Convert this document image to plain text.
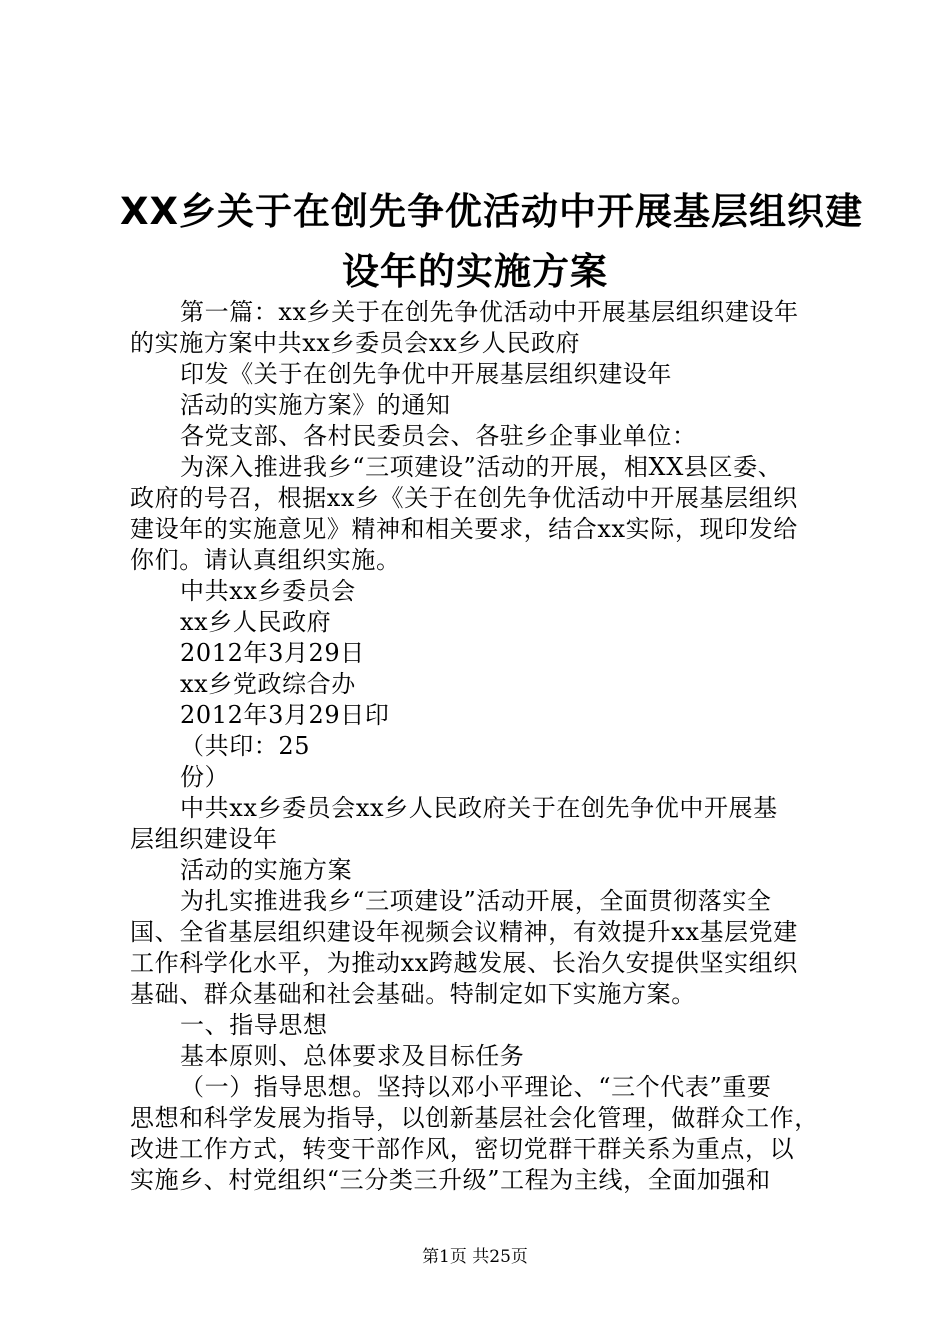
XX乡关于在创先争优活动中开展基层组织建
设年的实施方案
第一篇：xx乡关于在创先争优活动中开展基层组织建设年
的实施方案中共xx乡委员会xx乡人民政府
印发《关于在创先争优中开展基层组织建设年
活动的实施方案》的通知
各党支部、各村民委员会、各驻乡企事业单位：
为深入推进我乡“三项建设”活动的开展，相XX县区委、
政府的号召，根据xx乡《关于在创先争优活动中开展基层组织
建设年的实施意见》精神和相关要求，结合xx实际，现印发给
你们。请认真组织实施。
中共xx乡委员会
xx乡人民政府
2012年3月29日
xx乡党政综合办
2012年3月29日印
（共印：25
份）
中共xx乡委员会xx乡人民政府关于在创先争优中开展基
层组织建设年
活动的实施方案
为扎实推进我乡“三项建设”活动开展，全面贯彻落实全
国、全省基层组织建设年视频会议精神，有效提升xx基层党建
工作科学化水平，为推动xx跨越发展、长治久安提供坚实组织
基础、群众基础和社会基础。特制定如下实施方案。
一、指导思想
基本原则、总体要求及目标任务
（一）指导思想。坚持以邓小平理论、“三个代表”重要
思想和科学发展为指导，以创新基层社会化管理，做群众工作，
改进工作方式，转变干部作风，密切党群干群关系为重点，以
实施乡、村党组织“三分类三升级”工程为主线，全面加强和
第1页 共25页
